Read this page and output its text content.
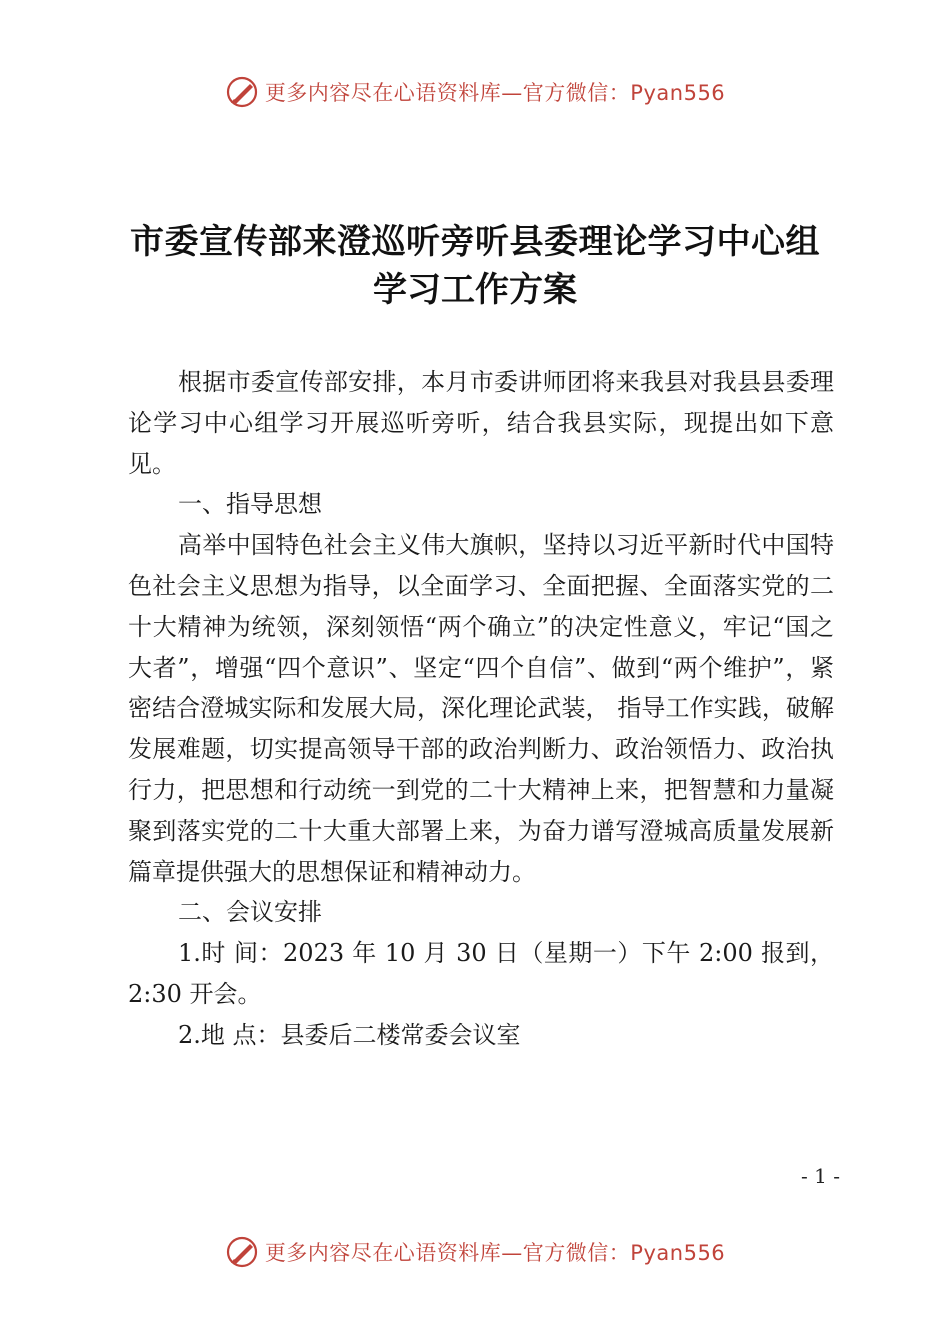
更多内容尽在心语资料库—官方微信：Pyan556
市委宣传部来澄巡听旁听县委理论学习中心组
学习工作方案

根据市委宣传部安排，本月市委讲师团将来我县对我县县委理论学习中心组学习开展巡听旁听，结合我县实际，现提出如下意见。

一、指导思想

高举中国特色社会主义伟大旗帜，坚持以习近平新时代中国特色社会主义思想为指导，以全面学习、全面把握、全面落实党的二十大精神为统领，深刻领悟“两个确立”的决定性意义，牢记“国之大者”，增强“四个意识”、坚定“四个自信”、做到“两个维护”，紧密结合澄城实际和发展大局，深化理论武装， 指导工作实践，破解发展难题，切实提高领导干部的政治判断力、政治领悟力、政治执行力，把思想和行动统一到党的二十大精神上来，把智慧和力量凝聚到落实党的二十大重大部署上来，为奋力谱写澄城高质量发展新篇章提供强大的思想保证和精神动力。

二、会议安排

1.时 间：2023 年 10 月 30 日（星期一）下午 2:00 报到，2:30 开会。

2.地 点：县委后二楼常委会议室

- 1 -
更多内容尽在心语资料库—官方微信：Pyan556
